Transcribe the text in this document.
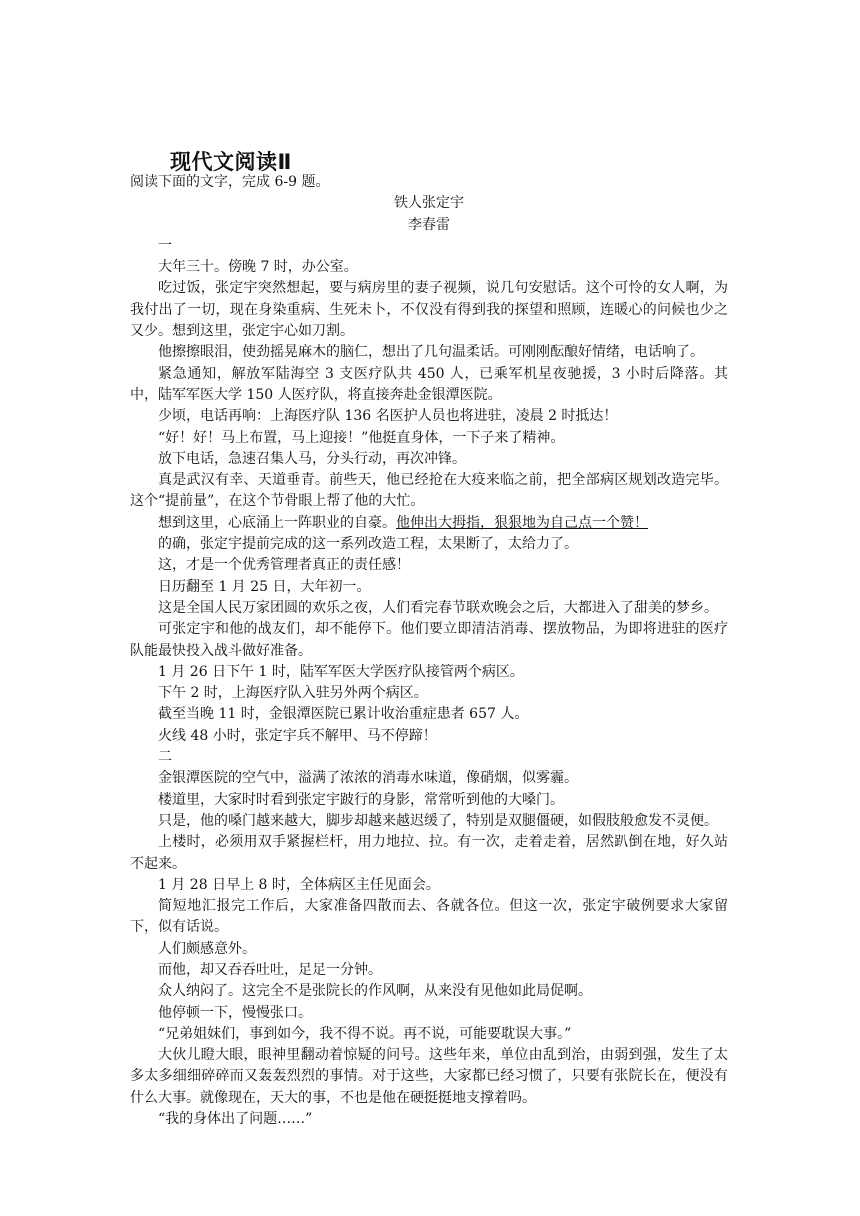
现代文阅读Ⅱ

阅读下面的文字，完成 6-9 题。

铁人张定宇

李春雷

一

大年三十。傍晚 7 时，办公室。

吃过饭，张定宇突然想起，要与病房里的妻子视频，说几句安慰话。这个可怜的女人啊，为我付出了一切，现在身染重病、生死未卜，不仅没有得到我的探望和照顾，连暖心的问候也少之又少。想到这里，张定宇心如刀割。

他擦擦眼泪，使劲摇晃麻木的脑仁，想出了几句温柔话。可刚刚酝酿好情绪，电话响了。

紧急通知，解放军陆海空 3 支医疗队共 450 人，已乘军机星夜驰援，3 小时后降落。其中，陆军军医大学 150 人医疗队，将直接奔赴金银潭医院。

少顷，电话再响：上海医疗队 136 名医护人员也将进驻，凌晨 2 时抵达！

“好！好！马上布置，马上迎接！”他挺直身体，一下子来了精神。

放下电话，急速召集人马，分头行动，再次冲锋。

真是武汉有幸、天道垂青。前些天，他已经抢在大疫来临之前，把全部病区规划改造完毕。这个“提前量”，在这个节骨眼上帮了他的大忙。

想到这里，心底涌上一阵职业的自豪。他伸出大拇指，狠狠地为自己点一个赞！

的确，张定宇提前完成的这一系列改造工程，太果断了，太给力了。

这，才是一个优秀管理者真正的责任感！

日历翻至 1 月 25 日，大年初一。

这是全国人民万家团圆的欢乐之夜，人们看完春节联欢晚会之后，大都进入了甜美的梦乡。

可张定宇和他的战友们，却不能停下。他们要立即清洁消毒、摆放物品，为即将进驻的医疗队能最快投入战斗做好准备。

1 月 26 日下午 1 时，陆军军医大学医疗队接管两个病区。

下午 2 时，上海医疗队入驻另外两个病区。

截至当晚 11 时，金银潭医院已累计收治重症患者 657 人。

火线 48 小时，张定宇兵不解甲、马不停蹄！

二

金银潭医院的空气中，溢满了浓浓的消毒水味道，像硝烟，似雾霾。

楼道里，大家时时看到张定宇跛行的身影，常常听到他的大嗓门。

只是，他的嗓门越来越大，脚步却越来越迟缓了，特别是双腿僵硬，如假肢般愈发不灵便。

上楼时，必须用双手紧握栏杆，用力地拉、拉。有一次，走着走着，居然趴倒在地，好久站不起来。

1 月 28 日早上 8 时，全体病区主任见面会。

简短地汇报完工作后，大家准备四散而去、各就各位。但这一次，张定宇破例要求大家留下，似有话说。

人们颇感意外。

而他，却又吞吞吐吐，足足一分钟。

众人纳闷了。这完全不是张院长的作风啊，从来没有见他如此局促啊。

他停顿一下，慢慢张口。

“兄弟姐妹们，事到如今，我不得不说。再不说，可能要耽误大事。”

大伙儿瞪大眼，眼神里翻动着惊疑的问号。这些年来，单位由乱到治，由弱到强，发生了太多太多细细碎碎而又轰轰烈烈的事情。对于这些，大家都已经习惯了，只要有张院长在，便没有什么大事。就像现在，天大的事，不也是他在硬挺挺地支撑着吗。

“我的身体出了问题……”
